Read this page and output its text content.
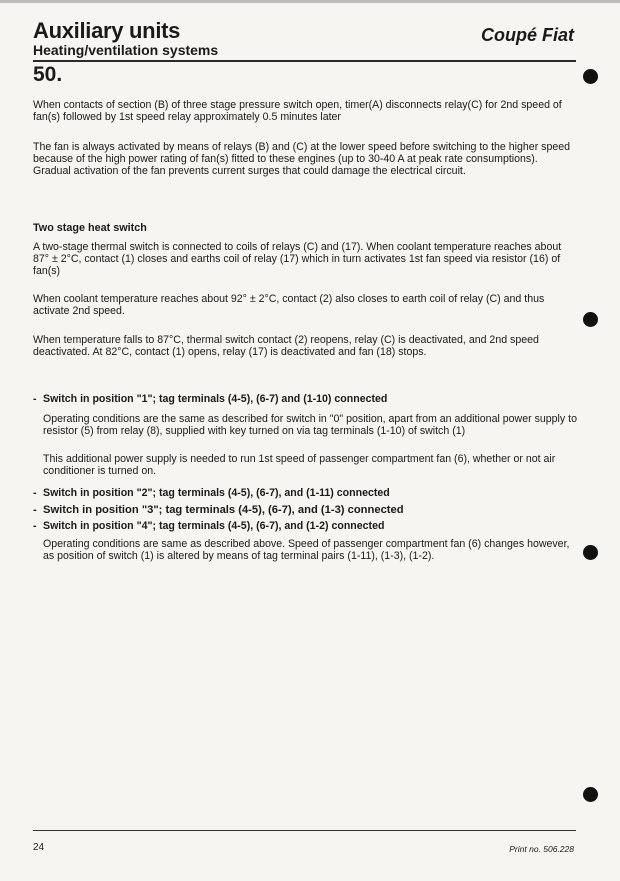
Auxiliary units
Heating/ventilation systems
Coupé Fiat
50.

When contacts of section (B) of three stage pressure switch open, timer(A) disconnects relay(C) for 2nd speed of fan(s) followed by 1st speed relay approximately 0.5 minutes later

The fan is always activated by means of relays (B) and (C) at the lower speed before switching to the higher speed because of the high power rating of fan(s) fitted to these engines (up to 30-40 A at peak rate consumptions). Gradual activation of the fan prevents current surges that could damage the electrical circuit.

Two stage heat switch

A two-stage thermal switch is connected to coils of relays (C) and (17). When coolant temperature reaches about 87° ± 2°C, contact (1) closes and earths coil of relay (17) which in turn activates 1st fan speed via resistor (16) of fan(s)

When coolant temperature reaches about 92° ± 2°C, contact (2) also closes to earth coil of relay (C) and thus activate 2nd speed.

When temperature falls to 87°C, thermal switch contact (2) reopens, relay (C) is deactivated, and 2nd speed deactivated. At 82°C, contact (1) opens, relay (17) is deactivated and fan (18) stops.

- Switch in position "1"; tag terminals (4-5), (6-7) and (1-10) connected

Operating conditions are the same as described for switch in "0" position, apart from an additional power supply to resistor (5) from relay (8), supplied with key turned on via tag terminals (1-10) of switch (1)

This additional power supply is needed to run 1st speed of passenger compartment fan (6), whether or not air conditioner is turned on.

- Switch in position "2"; tag terminals (4-5), (6-7), and (1-11) connected

- Switch in position "3"; tag terminals (4-5), (6-7), and (1-3) connected

- Switch in position "4"; tag terminals (4-5), (6-7), and (1-2) connected

Operating conditions are same as described above. Speed of passenger compartment fan (6) changes however, as position of switch (1) is altered by means of tag terminal pairs (1-11), (1-3), (1-2).

24	Print no. 506.228
